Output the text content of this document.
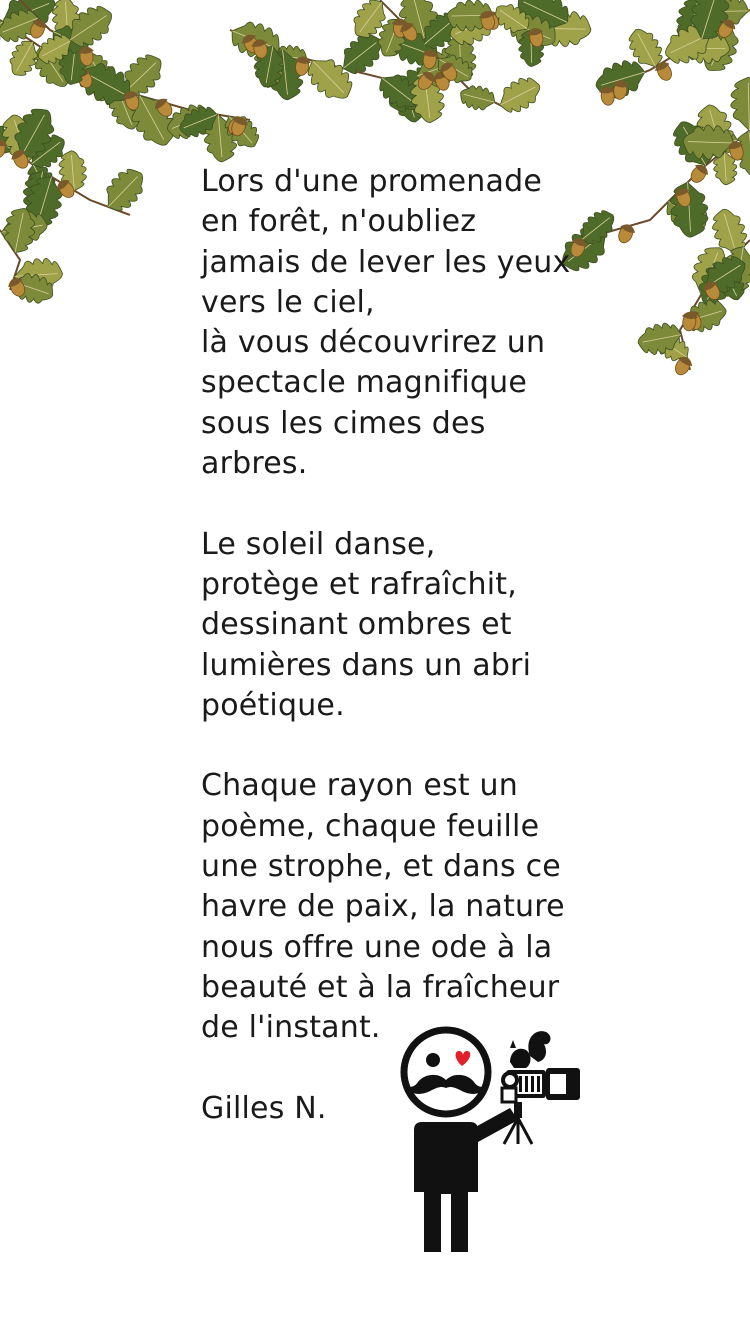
Lors d'une promenade
en forêt, n'oubliez
jamais de lever les yeux
vers le ciel,
là vous découvrirez un
spectacle magnifique
sous les cimes des
arbres.
Le soleil danse,
protège et rafraîchit,
dessinant ombres et
lumières dans un abri
poétique.
Chaque rayon est un
poème, chaque feuille
une strophe, et dans ce
havre de paix, la nature
nous offre une ode à la
beauté et à la fraîcheur
de l'instant.
Gilles N.
